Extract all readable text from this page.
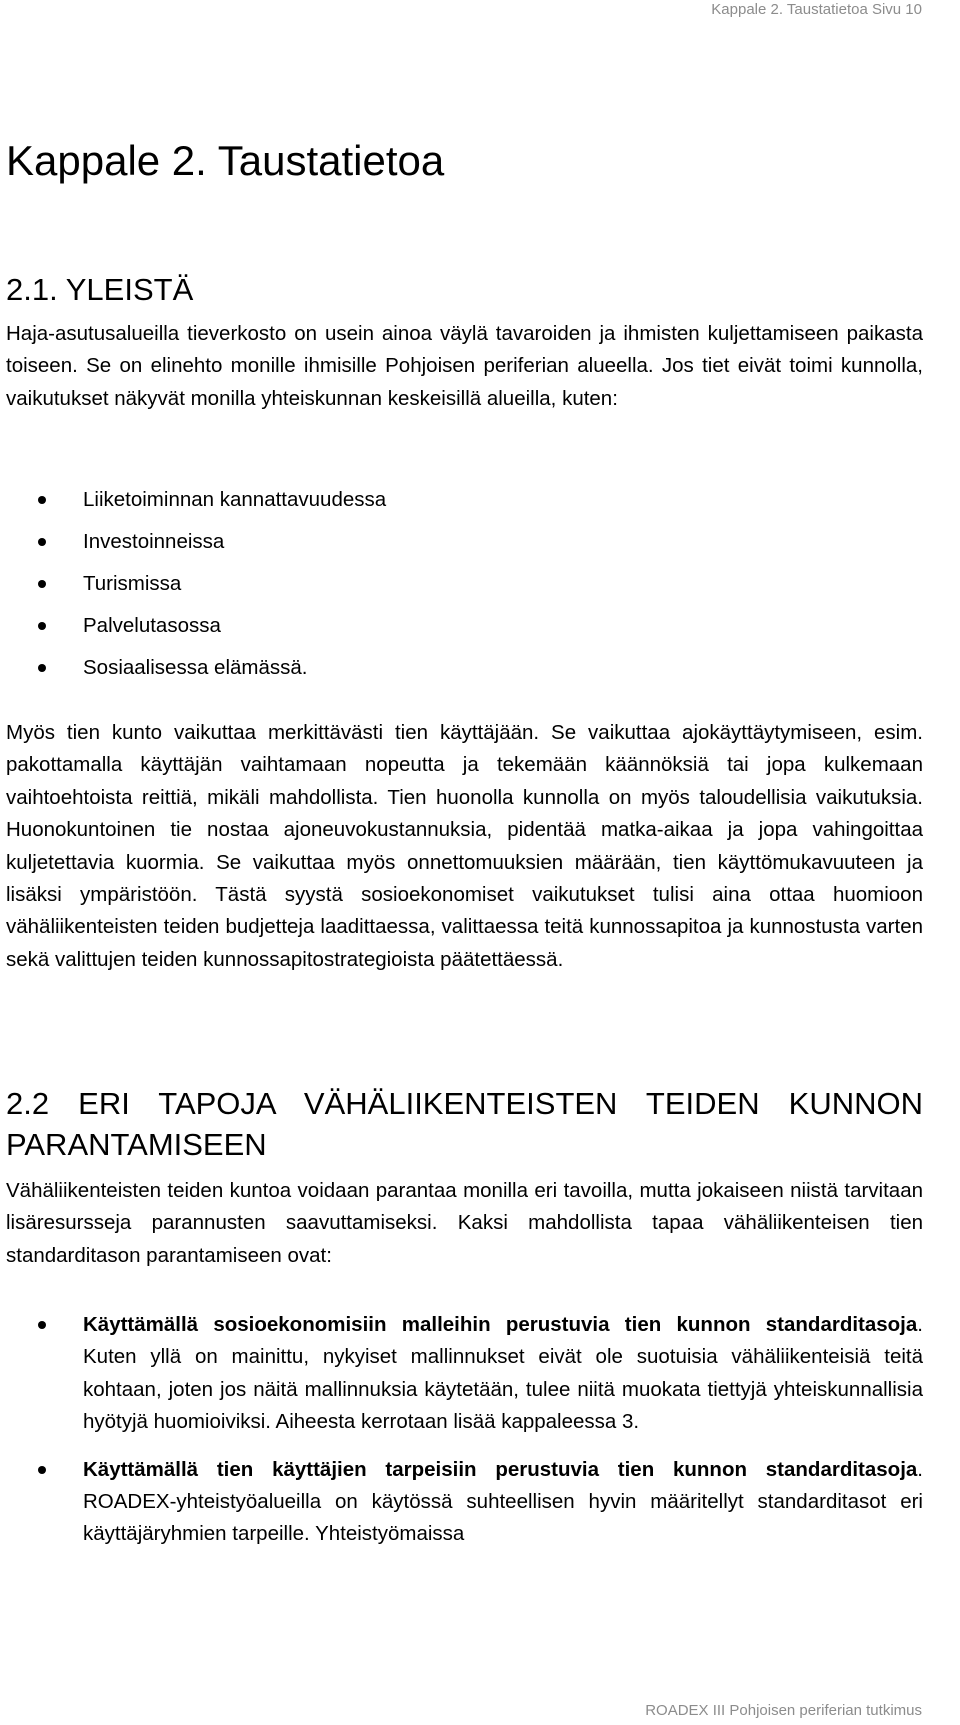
Kappale 2. Taustatietoa Sivu 10
Kappale 2. Taustatietoa
2.1. YLEISTÄ

Haja-asutusalueilla tieverkosto on usein ainoa väylä tavaroiden ja ihmisten kuljettamiseen paikasta toiseen. Se on elinehto monille ihmisille Pohjoisen periferian alueella. Jos tiet eivät toimi kunnolla, vaikutukset näkyvät monilla yhteiskunnan keskeisillä alueilla, kuten:

Liiketoiminnan kannattavuudessa
Investoinneissa
Turismissa
Palvelutasossa
Sosiaalisessa elämässä.

Myös tien kunto vaikuttaa merkittävästi tien käyttäjään. Se vaikuttaa ajokäyttäytymiseen, esim. pakottamalla käyttäjän vaihtamaan nopeutta ja tekemään käännöksiä tai jopa kulkemaan vaihtoehtoista reittiä, mikäli mahdollista. Tien huonolla kunnolla on myös taloudellisia vaikutuksia. Huonokuntoinen tie nostaa ajoneuvokustannuksia, pidentää matka-aikaa ja jopa vahingoittaa kuljetettavia kuormia. Se vaikuttaa myös onnettomuuksien määrään, tien käyttömukavuuteen ja lisäksi ympäristöön. Tästä syystä sosioekonomiset vaikutukset tulisi aina ottaa huomioon vähäliikenteisten teiden budjetteja laadittaessa, valittaessa teitä kunnossapitoa ja kunnostusta varten sekä valittujen teiden kunnossapitostrategioista päätettäessä.

2.2 ERI TAPOJA VÄHÄLIIKENTEISTEN TEIDEN KUNNON PARANTAMISEEN

Vähäliikenteisten teiden kuntoa voidaan parantaa monilla eri tavoilla, mutta jokaiseen niistä tarvitaan lisäresursseja parannusten saavuttamiseksi. Kaksi mahdollista tapaa vähäliikenteisen tien standarditason parantamiseen ovat:

Käyttämällä sosioekonomisiin malleihin perustuvia tien kunnon standarditasoja. Kuten yllä on mainittu, nykyiset mallinnukset eivät ole suotuisia vähäliikenteisiä teitä kohtaan, joten jos näitä mallinnuksia käytetään, tulee niitä muokata tiettyjä yhteiskunnallisia hyötyjä huomioiviksi. Aiheesta kerrotaan lisää kappaleessa 3.
Käyttämällä tien käyttäjien tarpeisiin perustuvia tien kunnon standarditasoja. ROADEX-yhteistyöalueilla on käytössä suhteellisen hyvin määritellyt standarditasot eri käyttäjäryhmien tarpeille. Yhteistyömaissa
ROADEX III Pohjoisen periferian tutkimus
